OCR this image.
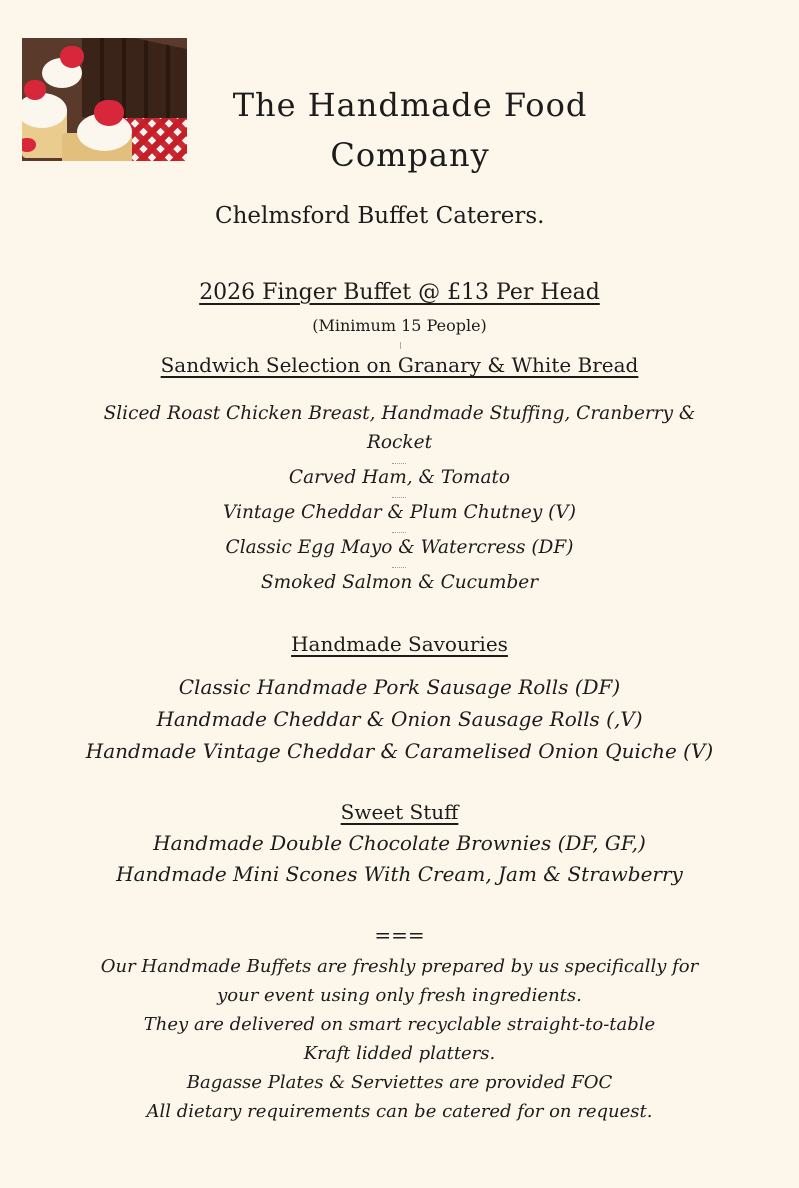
The Handmade Food

Company

Chelmsford Buffet Caterers.

2026 Finger Buffet @ £13 Per Head

(Minimum 15 People)

Sandwich Selection on Granary & White Bread

Sliced Roast Chicken Breast, Handmade Stuffing, Cranberry &

Rocket

Carved Ham, & Tomato

Vintage Cheddar & Plum Chutney (V)

Classic Egg Mayo & Watercress (DF)

Smoked Salmon & Cucumber

Handmade Savouries

Classic Handmade Pork Sausage Rolls (DF)

Handmade Cheddar & Onion Sausage Rolls (,V)

Handmade Vintage Cheddar & Caramelised Onion Quiche (V)

Sweet Stuff

Handmade Double Chocolate Brownies (DF, GF,)

Handmade Mini Scones With Cream, Jam & Strawberry

===

Our Handmade Buffets are freshly prepared by us specifically for

your event using only fresh ingredients.

They are delivered on smart recyclable straight-to-table

Kraft lidded platters.

Bagasse Plates & Serviettes are provided FOC

All dietary requirements can be catered for on request.
